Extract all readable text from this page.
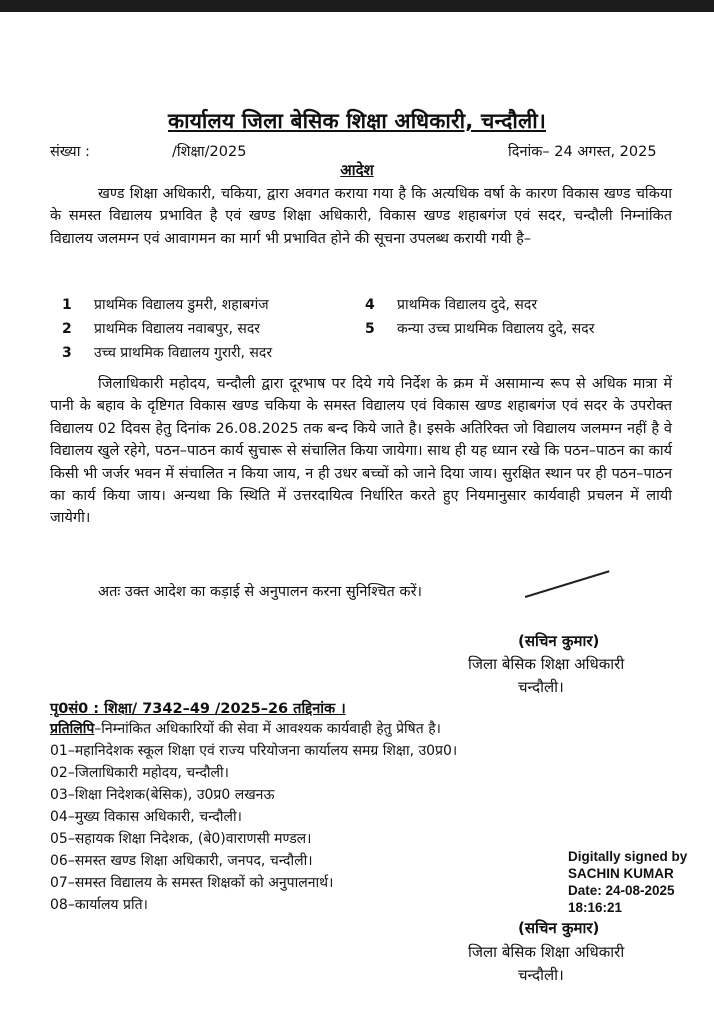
कार्यालय जिला बेसिक शिक्षा अधिकारी, चन्दौली।
संख्या :	/शिक्षा/2025	दिनांक– 24 अगस्त, 2025
आदेश
खण्ड शिक्षा अधिकारी, चकिया, द्वारा अवगत कराया गया है कि अत्यधिक वर्षा के कारण विकास खण्ड चकिया के समस्त विद्यालय प्रभावित है एवं खण्ड शिक्षा अधिकारी, विकास खण्ड शहाबगंज एवं सदर, चन्दौली निम्नांकित विद्यालय जलमग्न एवं आवागमन का मार्ग भी प्रभावित होने की सूचना उपलब्ध करायी गयी है–
1 प्राथमिक विद्यालय डुमरी, शहाबगंज
2 प्राथमिक विद्यालय नवाबपुर, सदर
3 उच्च प्राथमिक विद्यालय गुरारी, सदर
4 प्राथमिक विद्यालय दुदे, सदर
5 कन्या उच्च प्राथमिक विद्यालय दुदे, सदर
जिलाधिकारी महोदय, चन्दौली द्वारा दूरभाष पर दिये गये निर्देश के क्रम में असामान्य रूप से अधिक मात्रा में पानी के बहाव के दृष्टिगत विकास खण्ड चकिया के समस्त विद्यालय एवं विकास खण्ड शहाबगंज एवं सदर के उपरोक्त विद्यालय 02 दिवस हेतु दिनांक 26.08.2025 तक बन्द किये जाते है। इसके अतिरिक्त जो विद्यालय जलमग्न नहीं है वे विद्यालय खुले रहेगे, पठन–पाठन कार्य सुचारू से संचालित किया जायेगा। साथ ही यह ध्यान रखे कि पठन–पाठन का कार्य किसी भी जर्जर भवन में संचालित न किया जाय, न ही उधर बच्चों को जाने दिया जाय। सुरक्षित स्थान पर ही पठन–पाठन का कार्य किया जाय। अन्यथा कि स्थिति में उत्तरदायित्व निर्धारित करते हुए नियमानुसार कार्यवाही प्रचलन में लायी जायेगी।
अतः उक्त आदेश का कड़ाई से अनुपालन करना सुनिश्चित करें।
(सचिन कुमार)
जिला बेसिक शिक्षा अधिकारी
चन्दौली।
पृ0सं0 : शिक्षा/ 7342–49 /2025–26 तद्दिनांक ।
प्रतिलिपि–निम्नांकित अधिकारियों की सेवा में आवश्यक कार्यवाही हेतु प्रेषित है।
01–महानिदेशक स्कूल शिक्षा एवं राज्य परियोजना कार्यालय समग्र शिक्षा, उ0प्र0।
02–जिलाधिकारी महोदय, चन्दौली।
03–शिक्षा निदेशक(बेसिक), उ0प्र0 लखनऊ
04–मुख्य विकास अधिकारी, चन्दौली।
05–सहायक शिक्षा निदेशक, (बे0)वाराणसी मण्डल।
06–समस्त खण्ड शिक्षा अधिकारी, जनपद, चन्दौली।
07–समस्त विद्यालय के समस्त शिक्षकों को अनुपालनार्थ।
08–कार्यालय प्रति।
Digitally signed by
SACHIN KUMAR
Date: 24-08-2025
18:16:21
(सचिन कुमार)
जिला बेसिक शिक्षा अधिकारी
चन्दौली।
